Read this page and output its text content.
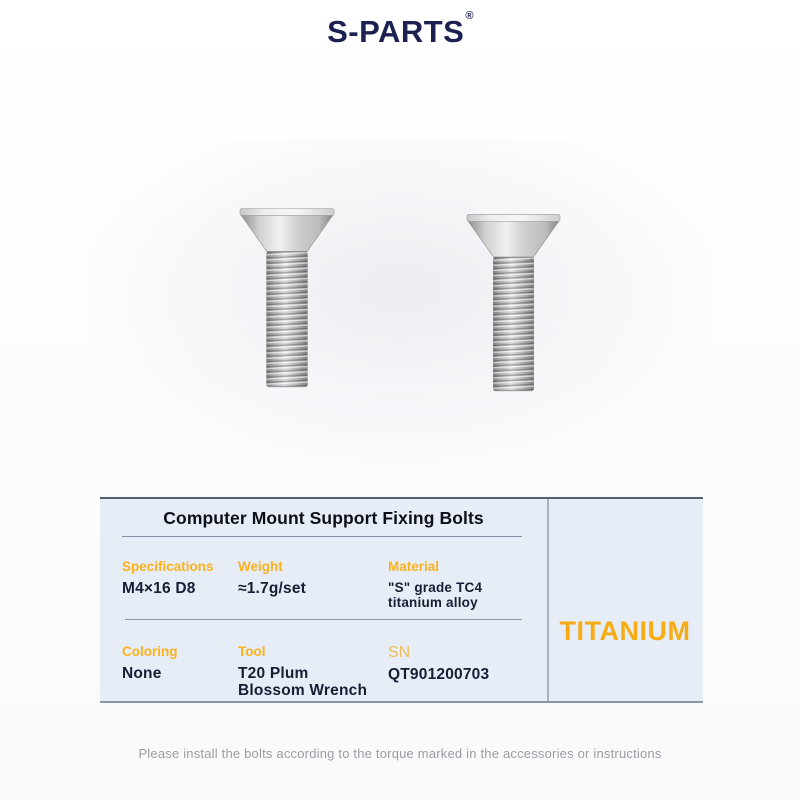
S-PARTS®
Computer Mount Support Fixing Bolts
Specifications
M4×16 D8
Weight
≈1.7g/set
Material
"S" grade TC4 titanium alloy
Coloring
None
Tool
T20 Plum Blossom Wrench
SN
QT901200703
TITANIUM
Please install the bolts according to the torque marked in the accessories or instructions
